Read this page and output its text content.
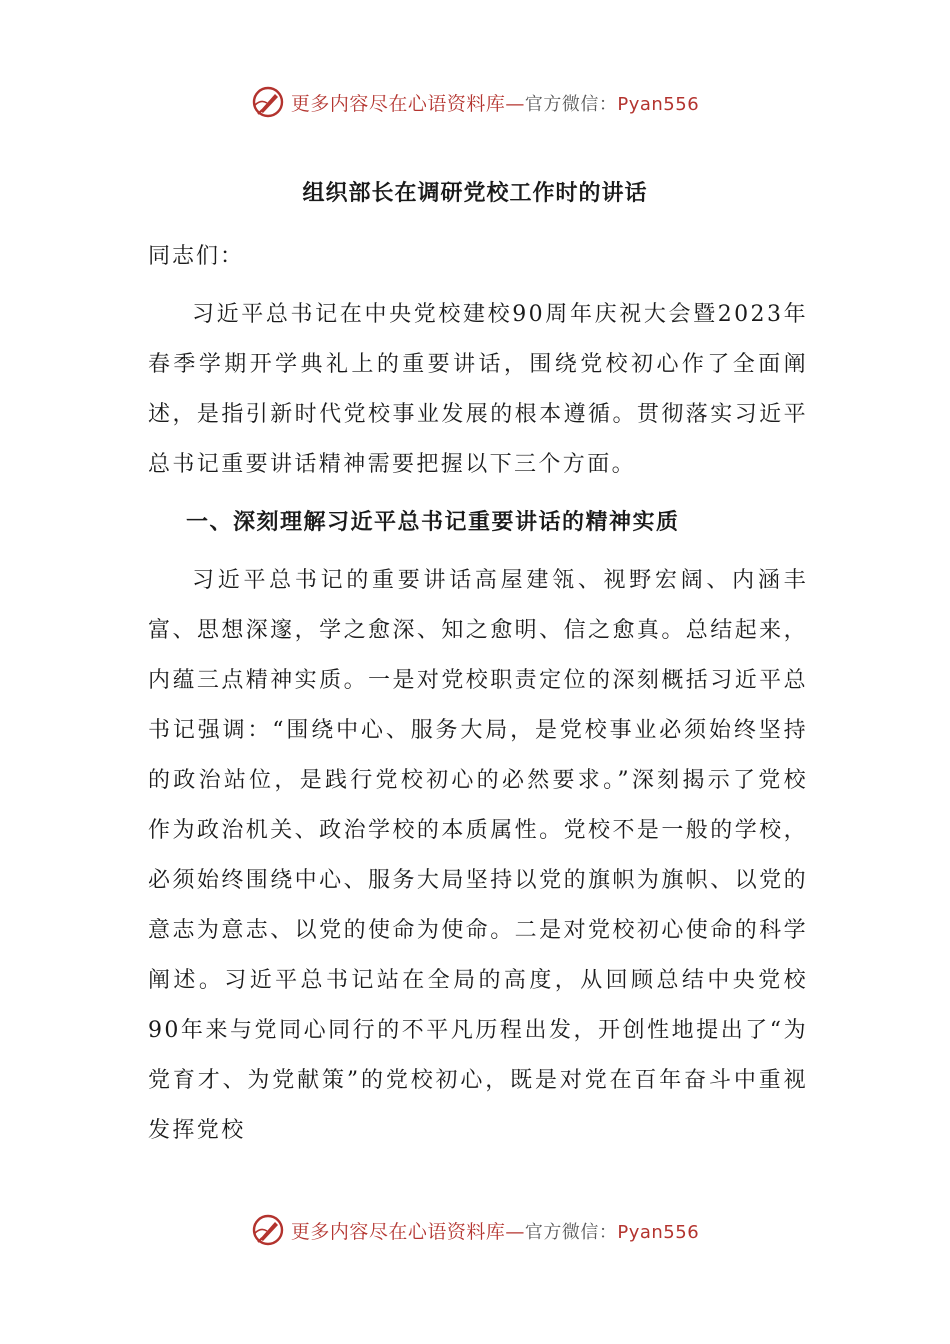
更多内容尽在心语资料库—官方微信：Pyan556
组织部长在调研党校工作时的讲话

同志们：

习近平总书记在中央党校建校90周年庆祝大会暨2023年春季学期开学典礼上的重要讲话，围绕党校初心作了全面阐述，是指引新时代党校事业发展的根本遵循。贯彻落实习近平总书记重要讲话精神需要把握以下三个方面。

一、深刻理解习近平总书记重要讲话的精神实质

习近平总书记的重要讲话高屋建瓴、视野宏阔、内涵丰富、思想深邃，学之愈深、知之愈明、信之愈真。总结起来，内蕴三点精神实质。一是对党校职责定位的深刻概括习近平总书记强调：“围绕中心、服务大局，是党校事业必须始终坚持的政治站位，是践行党校初心的必然要求。”深刻揭示了党校作为政治机关、政治学校的本质属性。党校不是一般的学校，必须始终围绕中心、服务大局坚持以党的旗帜为旗帜、以党的意志为意志、以党的使命为使命。二是对党校初心使命的科学阐述。习近平总书记站在全局的高度，从回顾总结中央党校90年来与党同心同行的不平凡历程出发，开创性地提出了“为党育才、为党献策”的党校初心，既是对党在百年奋斗中重视发挥党校

更多内容尽在心语资料库—官方微信：Pyan556
